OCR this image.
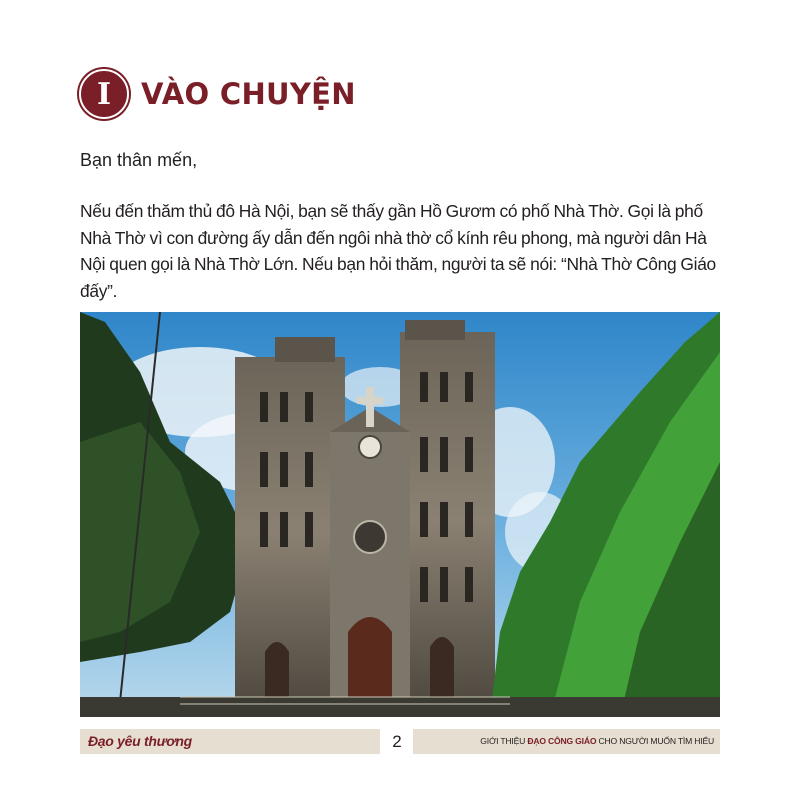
I	VÀO CHUYỆN
Bạn thân mến,
Nếu đến thăm thủ đô Hà Nội, bạn sẽ thấy gần Hồ Gươm có phố Nhà Thờ. Gọi là phố Nhà Thờ vì con đường ấy dẫn đến ngôi nhà thờ cổ kính rêu phong, mà người dân Hà Nội quen gọi là Nhà Thờ Lớn. Nếu bạn hỏi thăm, người ta sẽ nói: “Nhà Thờ Công Giáo đấy”.
Đạo yêu thương	2	GIỚI THIỆU ĐẠO CÔNG GIÁO CHO NGƯỜI MUỐN TÌM HIỂU
